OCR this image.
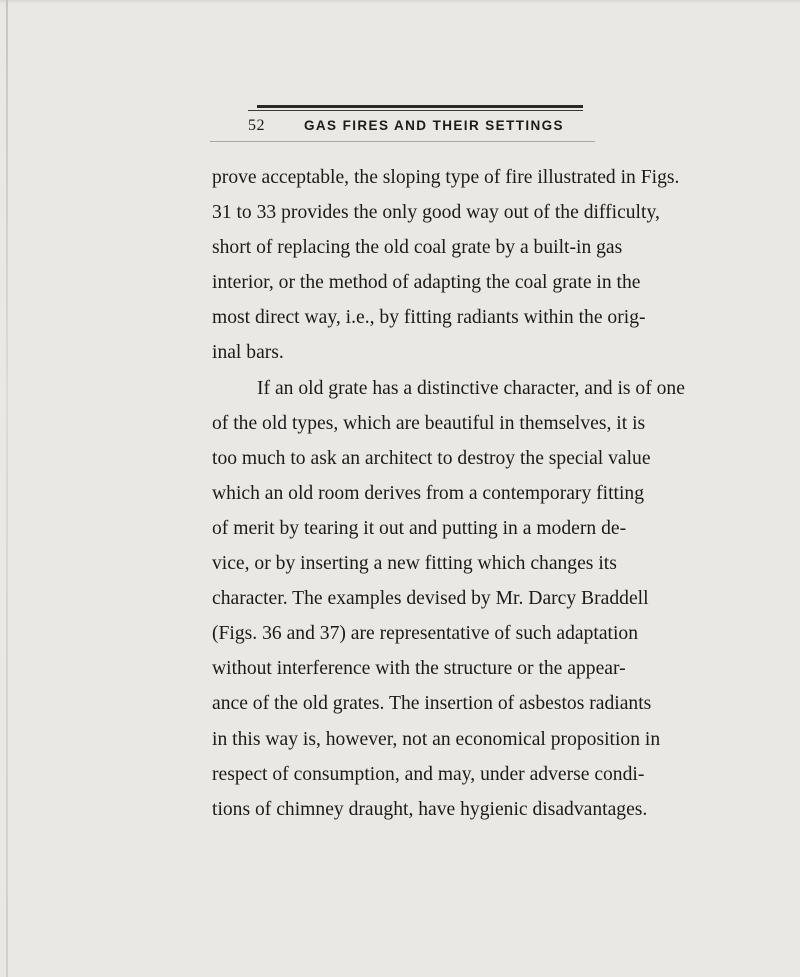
52	GAS FIRES AND THEIR SETTINGS

prove acceptable, the sloping type of fire illustrated in Figs.
31 to 33 provides the only good way out of the difficulty,
short of replacing the old coal grate by a built-in gas
interior, or the method of adapting the coal grate in the
most direct way, i.e., by fitting radiants within the orig-
inal bars.

If an old grate has a distinctive character, and is of one
of the old types, which are beautiful in themselves, it is
too much to ask an architect to destroy the special value
which an old room derives from a contemporary fitting
of merit by tearing it out and putting in a modern de-
vice, or by inserting a new fitting which changes its
character. The examples devised by Mr. Darcy Braddell
(Figs. 36 and 37) are representative of such adaptation
without interference with the structure or the appear-
ance of the old grates. The insertion of asbestos radiants
in this way is, however, not an economical proposition in
respect of consumption, and may, under adverse condi-
tions of chimney draught, have hygienic disadvantages.
